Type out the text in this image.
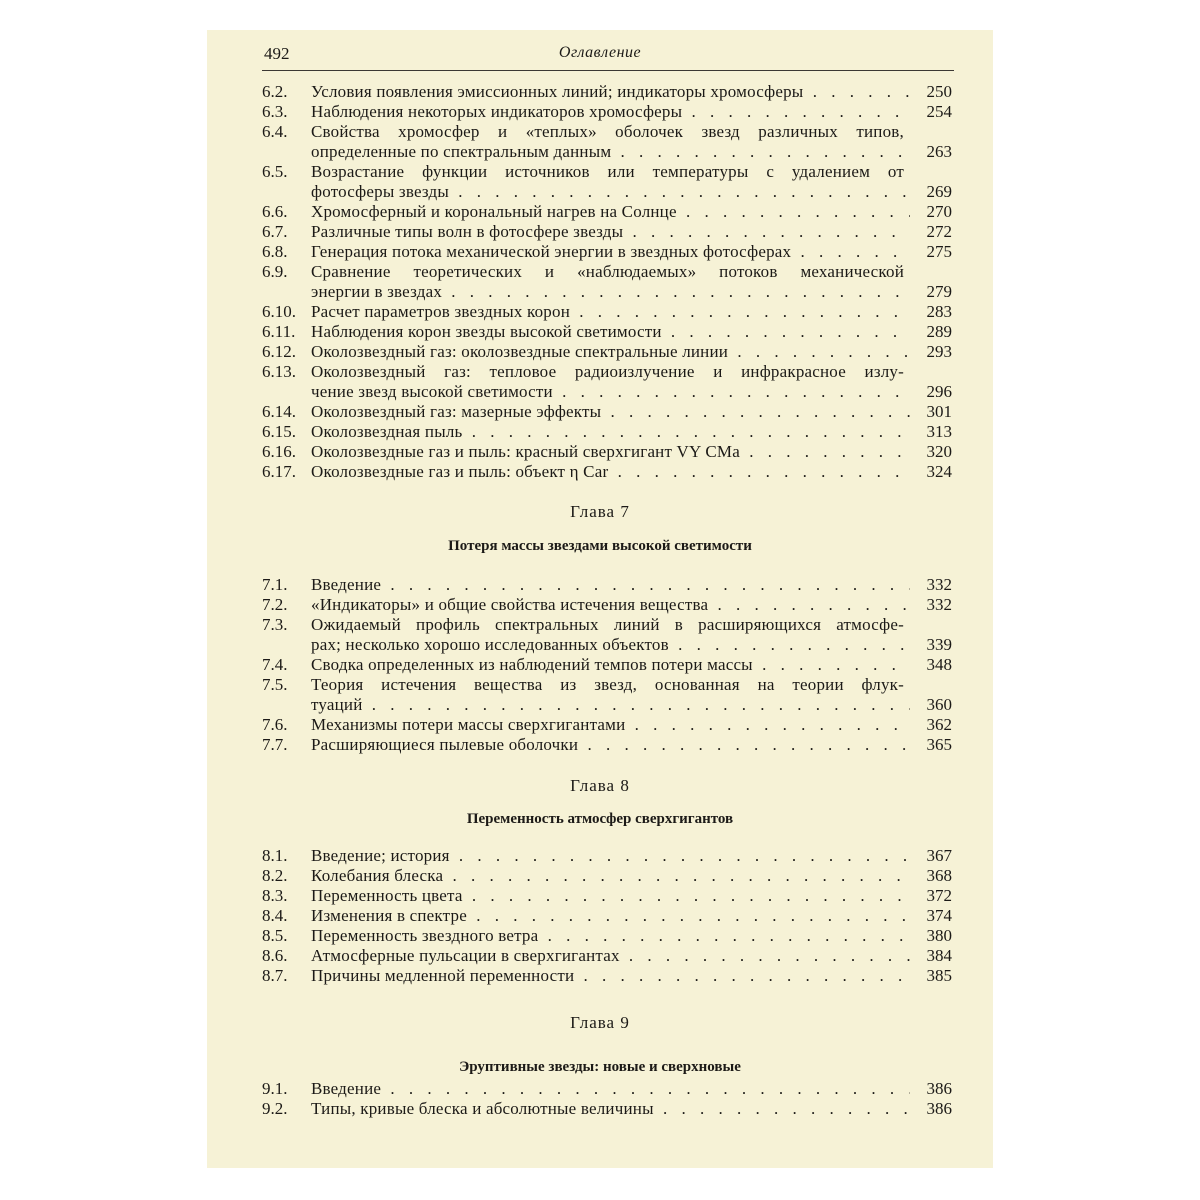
492	Оглавление
6.2. Условия появления эмиссионных линий; индикаторы хромосферы . . .	250
6.3. Наблюдения некоторых индикаторов хромосферы . . .	254
6.4. Свойства хромосфер и «теплых» оболочек звезд различных типов,
определенные по спектральным данным . . .	263
6.5. Возрастание функции источников или температуры с удалением от
фотосферы звезды . . .	269
6.6. Хромосферный и корональный нагрев на Солнце . . .	270
6.7. Различные типы волн в фотосфере звезды . . .	272
6.8. Генерация потока механической энергии в звездных фотосферах . . .	275
6.9. Сравнение теоретических и «наблюдаемых» потоков механической
энергии в звездах . . .	279
6.10. Расчет параметров звездных корон . . .	283
6.11. Наблюдения корон звезды высокой светимости . . .	289
6.12. Околозвездный газ: околозвездные спектральные линии . . .	293
6.13. Околозвездный газ: тепловое радиоизлучение и инфракрасное излу-
чение звезд высокой светимости . . .	296
6.14. Околозвездный газ: мазерные эффекты . . .	301
6.15. Околозвездная пыль . . .	313
6.16. Околозвездные газ и пыль: красный сверхгигант VY CMa . . .	320
6.17. Околозвездные газ и пыль: объект η Car . . .	324
Глава 7
Потеря массы звездами высокой светимости
7.1. Введение . . .	332
7.2. «Индикаторы» и общие свойства истечения вещества . . .	332
7.3. Ожидаемый профиль спектральных линий в расширяющихся атмосфе-
рах; несколько хорошо исследованных объектов . . .	339
7.4. Сводка определенных из наблюдений темпов потери массы . . .	348
7.5. Теория истечения вещества из звезд, основанная на теории флук-
туаций . . .	360
7.6. Механизмы потери массы сверхгигантами . . .	362
7.7. Расширяющиеся пылевые оболочки . . .	365
Глава 8
Переменность атмосфер сверхгигантов
8.1. Введение; история . . .	367
8.2. Колебания блеска . . .	368
8.3. Переменность цвета . . .	372
8.4. Изменения в спектре . . .	374
8.5. Переменность звездного ветра . . .	380
8.6. Атмосферные пульсации в сверхгигантах . . .	384
8.7. Причины медленной переменности . . .	385
Глава 9
Эруптивные звезды: новые и сверхновые
9.1. Введение . . .	386
9.2. Типы, кривые блеска и абсолютные величины . . .	386
